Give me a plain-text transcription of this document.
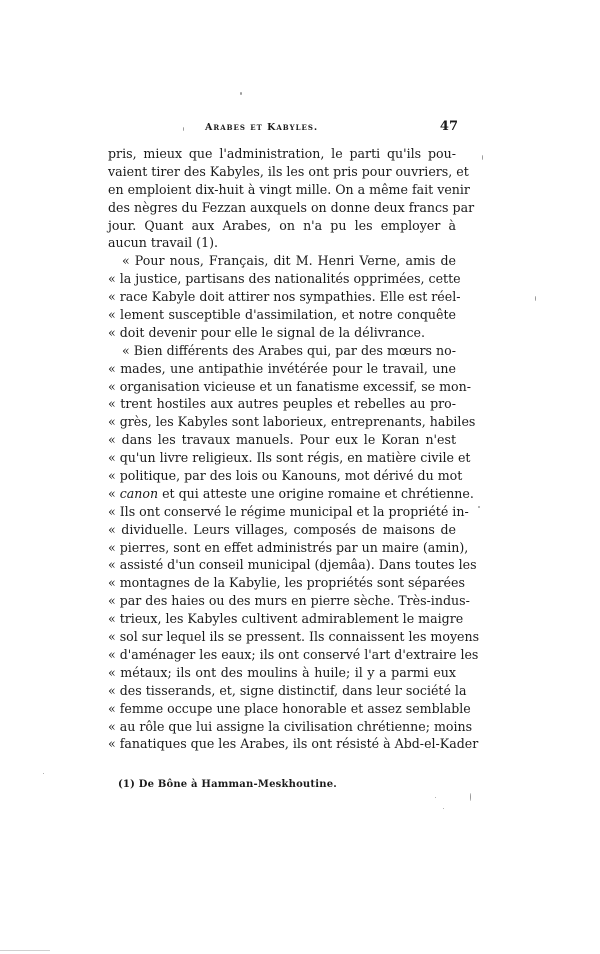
Arabes et Kabyles.	47
pris, mieux que l'administration, le parti qu'ils pou-
vaient tirer des Kabyles, ils les ont pris pour ouvriers, et
en emploient dix-huit à vingt mille. On a même fait venir
des nègres du Fezzan auxquels on donne deux francs par
jour. Quant aux Arabes, on n'a pu les employer à
aucun travail (1).
« Pour nous, Français, dit M. Henri Verne, amis de
« la justice, partisans des nationalités opprimées, cette
« race Kabyle doit attirer nos sympathies. Elle est réel-
« lement susceptible d'assimilation, et notre conquête
« doit devenir pour elle le signal de la délivrance.
« Bien différents des Arabes qui, par des mœurs no-
« mades, une antipathie invétérée pour le travail, une
« organisation vicieuse et un fanatisme excessif, se mon-
« trent hostiles aux autres peuples et rebelles au pro-
« grès, les Kabyles sont laborieux, entreprenants, habiles
« dans les travaux manuels. Pour eux le Koran n'est
« qu'un livre religieux. Ils sont régis, en matière civile et
« politique, par des lois ou Kanouns, mot dérivé du mot
« canon et qui atteste une origine romaine et chrétienne.
« Ils ont conservé le régime municipal et la propriété in-
« dividuelle. Leurs villages, composés de maisons de
« pierres, sont en effet administrés par un maire (amin),
« assisté d'un conseil municipal (djemâa). Dans toutes les
« montagnes de la Kabylie, les propriétés sont séparées
« par des haies ou des murs en pierre sèche. Très-indus-
« trieux, les Kabyles cultivent admirablement le maigre
« sol sur lequel ils se pressent. Ils connaissent les moyens
« d'aménager les eaux; ils ont conservé l'art d'extraire les
« métaux; ils ont des moulins à huile; il y a parmi eux
« des tisserands, et, signe distinctif, dans leur société la
« femme occupe une place honorable et assez semblable
« au rôle que lui assigne la civilisation chrétienne; moins
« fanatiques que les Arabes, ils ont résisté à Abd-el-Kader
(1) De Bône à Hamman-Meskhoutine.
